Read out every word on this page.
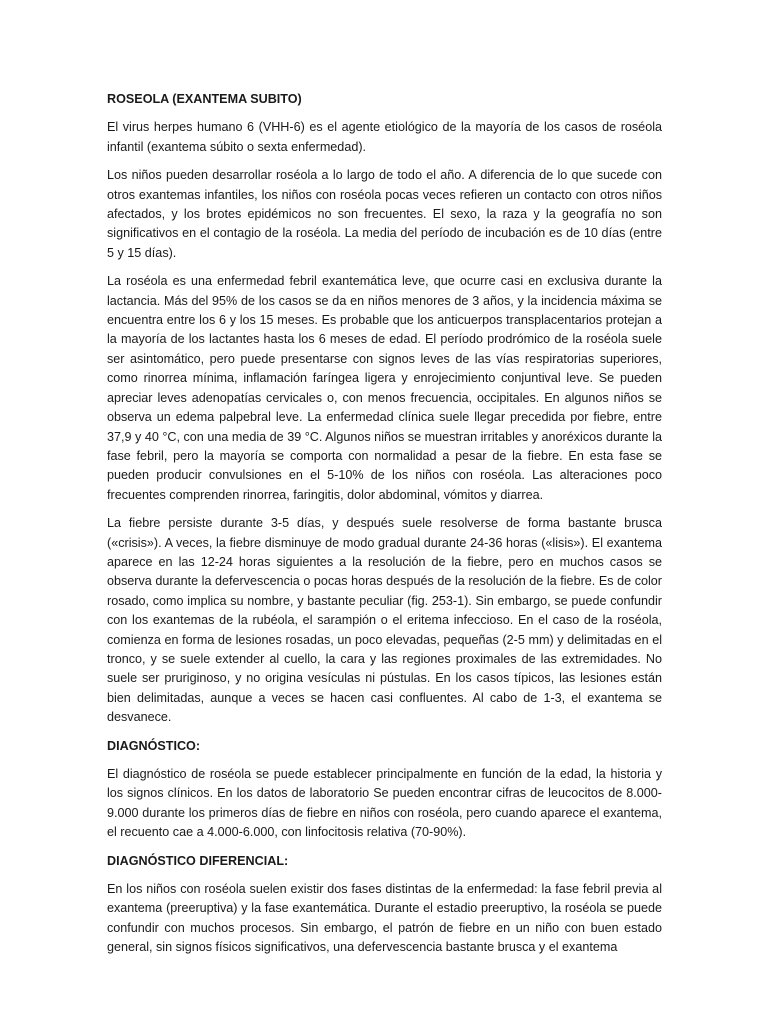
ROSEOLA (EXANTEMA SUBITO)

El virus herpes humano 6 (VHH-6) es el agente etiológico de la mayoría de los casos de roséola infantil (exantema súbito o sexta enfermedad).

Los niños pueden desarrollar roséola a lo largo de todo el año. A diferencia de lo que sucede con otros exantemas infantiles, los niños con roséola pocas veces refieren un contacto con otros niños afectados, y los brotes epidémicos no son frecuentes. El sexo, la raza y la geografía no son significativos en el contagio de la roséola. La media del período de incubación es de 10 días (entre 5 y 15 días).

La roséola es una enfermedad febril exantemática leve, que ocurre casi en exclusiva durante la lactancia. Más del 95% de los casos se da en niños menores de 3 años, y la incidencia máxima se encuentra entre los 6 y los 15 meses. Es probable que los anticuerpos transplacentarios protejan a la mayoría de los lactantes hasta los 6 meses de edad. El período prodrómico de la roséola suele ser asintomático, pero puede presentarse con signos leves de las vías respiratorias superiores, como rinorrea mínima, inflamación faríngea ligera y enrojecimiento conjuntival leve. Se pueden apreciar leves adenopatías cervicales o, con menos frecuencia, occipitales. En algunos niños se observa un edema palpebral leve. La enfermedad clínica suele llegar precedida por fiebre, entre 37,9 y 40 °C, con una media de 39 °C. Algunos niños se muestran irritables y anoréxicos durante la fase febril, pero la mayoría se comporta con normalidad a pesar de la fiebre. En esta fase se pueden producir convulsiones en el 5-10% de los niños con roséola. Las alteraciones poco frecuentes comprenden rinorrea, faringitis, dolor abdominal, vómitos y diarrea.

La fiebre persiste durante 3-5 días, y después suele resolverse de forma bastante brusca («crisis»). A veces, la fiebre disminuye de modo gradual durante 24-36 horas («lisis»). El exantema aparece en las 12-24 horas siguientes a la resolución de la fiebre, pero en muchos casos se observa durante la defervescencia o pocas horas después de la resolución de la fiebre. Es de color rosado, como implica su nombre, y bastante peculiar (fig. 253-1). Sin embargo, se puede confundir con los exantemas de la rubéola, el sarampión o el eritema infeccioso. En el caso de la roséola, comienza en forma de lesiones rosadas, un poco elevadas, pequeñas (2-5 mm) y delimitadas en el tronco, y se suele extender al cuello, la cara y las regiones proximales de las extremidades. No suele ser pruriginoso, y no origina vesículas ni pústulas. En los casos típicos, las lesiones están bien delimitadas, aunque a veces se hacen casi confluentes. Al cabo de 1-3, el exantema se desvanece.

DIAGNÓSTICO:

El diagnóstico de roséola se puede establecer principalmente en función de la edad, la historia y los signos clínicos. En los datos de laboratorio Se pueden encontrar cifras de leucocitos de 8.000-9.000 durante los primeros días de fiebre en niños con roséola, pero cuando aparece el exantema, el recuento cae a 4.000-6.000, con linfocitosis relativa (70-90%).

DIAGNÓSTICO DIFERENCIAL:

En los niños con roséola suelen existir dos fases distintas de la enfermedad: la fase febril previa al exantema (preeruptiva) y la fase exantemática. Durante el estadio preeruptivo, la roséola se puede confundir con muchos procesos. Sin embargo, el patrón de fiebre en un niño con buen estado general, sin signos físicos significativos, una defervescencia bastante brusca y el exantema
